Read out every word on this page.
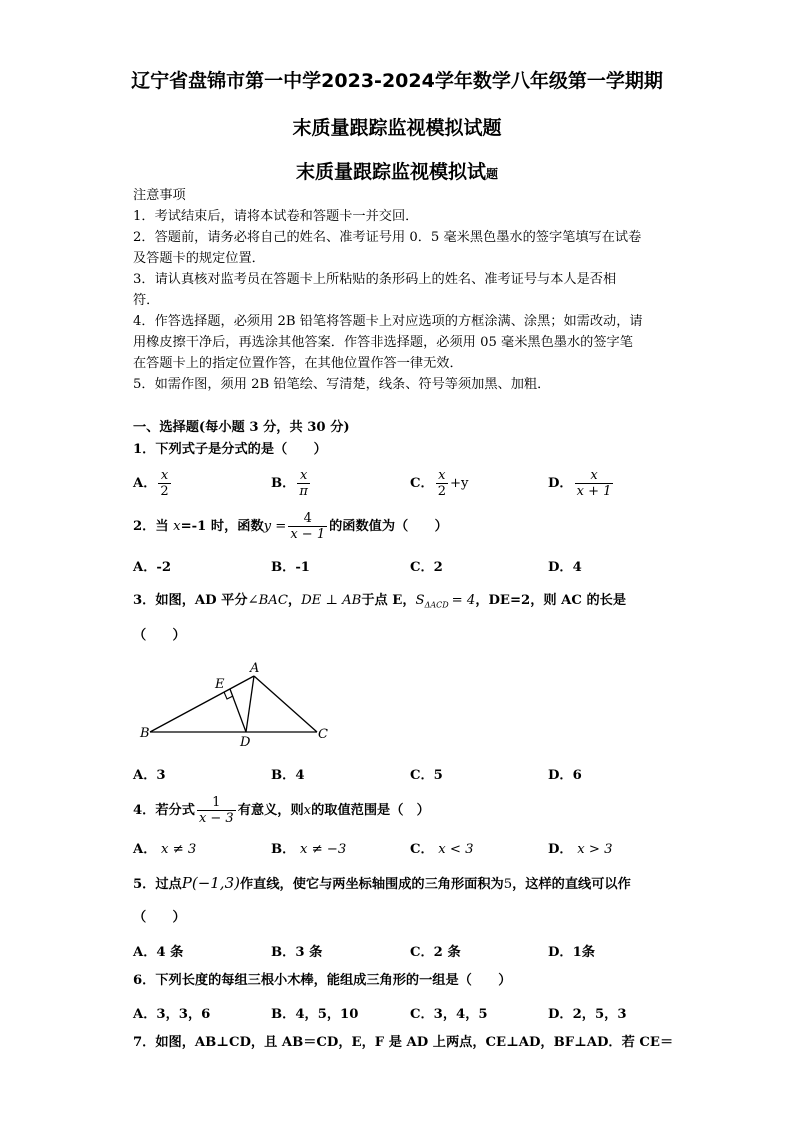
辽宁省盘锦市第一中学2023-2024学年数学八年级第一学期期
末质量跟踪监视模拟试题
末质量跟踪监视模拟试题
注意事项
1．考试结束后，请将本试卷和答题卡一并交回．
2．答题前，请务必将自己的姓名、准考证号用 0．5 毫米黑色墨水的签字笔填写在试卷
及答题卡的规定位置．
3．请认真核对监考员在答题卡上所粘贴的条形码上的姓名、准考证号与本人是否相
符．
4．作答选择题，必须用 2B 铅笔将答题卡上对应选项的方框涂满、涂黑；如需改动，请
用橡皮擦干净后，再选涂其他答案．作答非选择题，必须用 05 毫米黑色墨水的签字笔
在答题卡上的指定位置作答，在其他位置作答一律无效．
5．如需作图，须用 2B 铅笔绘、写清楚，线条、符号等须加黑、加粗．
一、选择题(每小题 3 分，共 30 分)
1．下列式子是分式的是（　　）
A． $\frac{x}{2}$	B． $\frac{x}{\pi}$	C． $\frac{x}{2} +y$	D． $\frac{x}{x + 1}$
2．当 x=-1 时，函数$y = \frac{4}{x - 1}$ 的函数值为（　　）
A．-2	B．-1	C．2	D．4
3．如图，AD 平分∠BAC，DE ⊥ AB于点 E，$S_{\Delta ACD} = 4$，DE=2，则 AC 的长是
（　　）
A
E
B
D
C
A．3	B．4	C．5	D．6
4．若分式 $\frac{1}{x - 3}$ 有意义，则x的取值范围是（　）
A． x ≠ 3	B． x ≠ −3	C． x < 3	D． x > 3
5．过点P(−1,3)作直线，使它与两坐标轴围成的三角形面积为5，这样的直线可以作
（　　）
A．4 条	B．3 条	C．2 条	D．1条
6．下列长度的每组三根小木棒，能组成三角形的一组是（　　）
A．3，3，6	B．4，5，10	C．3，4，5	D．2，5，3
7．如图，AB⊥CD，且 AB＝CD，E，F 是 AD 上两点，CE⊥AD，BF⊥AD．若 CE＝
